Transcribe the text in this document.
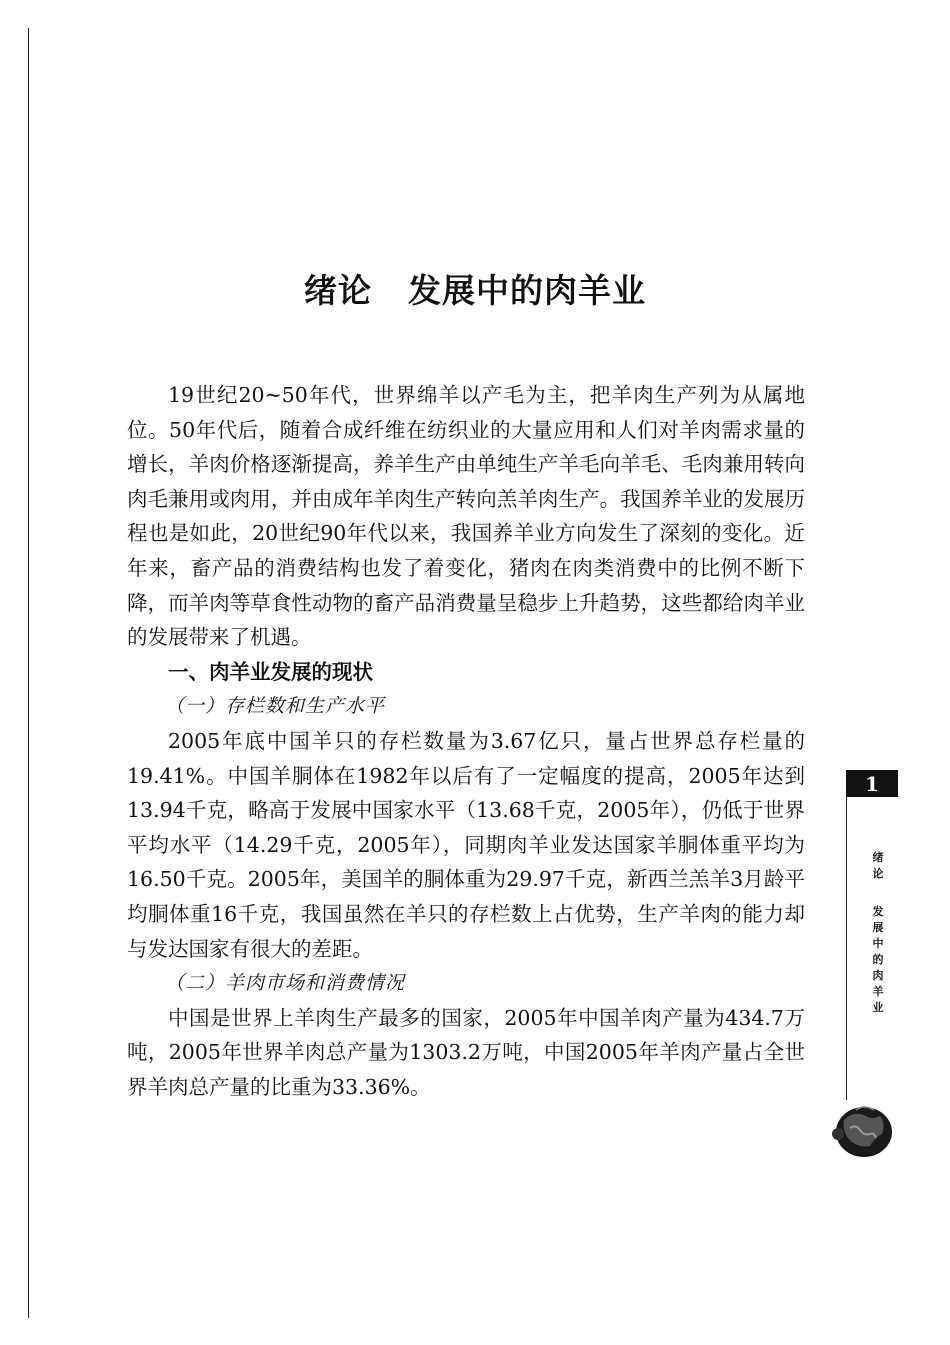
绪论 发展中的肉羊业

19世纪20~50年代，世界绵羊以产毛为主，把羊肉生产列为从属地位。50年代后，随着合成纤维在纺织业的大量应用和人们对羊肉需求量的增长，羊肉价格逐渐提高，养羊生产由单纯生产羊毛向羊毛、毛肉兼用转向肉毛兼用或肉用，并由成年羊肉生产转向羔羊肉生产。我国养羊业的发展历程也是如此，20世纪90年代以来，我国养羊业方向发生了深刻的变化。近年来，畜产品的消费结构也发了着变化，猪肉在肉类消费中的比例不断下降，而羊肉等草食性动物的畜产品消费量呈稳步上升趋势，这些都给肉羊业的发展带来了机遇。

一、肉羊业发展的现状

（一）存栏数和生产水平

2005年底中国羊只的存栏数量为3.67亿只，量占世界总存栏量的19.41%。中国羊胴体在1982年以后有了一定幅度的提高，2005年达到13.94千克，略高于发展中国家水平（13.68千克，2005年），仍低于世界平均水平（14.29千克，2005年），同期肉羊业发达国家羊胴体重平均为16.50千克。2005年，美国羊的胴体重为29.97千克，新西兰羔羊3月龄平均胴体重16千克，我国虽然在羊只的存栏数上占优势，生产羊肉的能力却与发达国家有很大的差距。

（二）羊肉市场和消费情况

中国是世界上羊肉生产最多的国家，2005年中国羊肉产量为434.7万吨，2005年世界羊肉总产量为1303.2万吨，中国2005年羊肉产量占全世界羊肉总产量的比重为33.36%。

1
绪
论
发
展
中
的
肉
羊
业
